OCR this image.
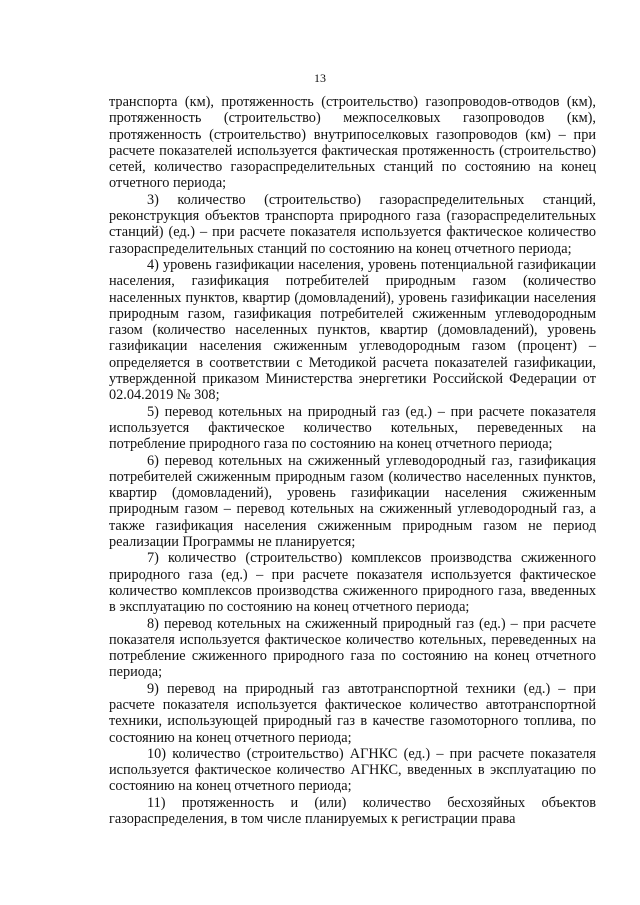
13

транспорта (км), протяженность (строительство) газопроводов-отводов (км), протяженность (строительство) межпоселковых газопроводов (км), протяженность (строительство) внутрипоселковых газопроводов (км) – при расчете показателей используется фактическая протяженность (строительство) сетей, количество газораспределительных станций по состоянию на конец отчетного периода;

3) количество (строительство) газораспределительных станций, реконструкция объектов транспорта природного газа (газораспределительных станций) (ед.) – при расчете показателя используется фактическое количество газораспределительных станций по состоянию на конец отчетного периода;

4) уровень газификации населения, уровень потенциальной газификации населения, газификация потребителей природным газом (количество населенных пунктов, квартир (домовладений), уровень газификации населения природным газом, газификация потребителей сжиженным углеводородным газом (количество населенных пунктов, квартир (домовладений), уровень газификации населения сжиженным углеводородным газом (процент) – определяется в соответствии с Методикой расчета показателей газификации, утвержденной приказом Министерства энергетики Российской Федерации от 02.04.2019 № 308;

5) перевод котельных на природный газ (ед.) – при расчете показателя используется фактическое количество котельных, переведенных на потребление природного газа по состоянию на конец отчетного периода;

6) перевод котельных на сжиженный углеводородный газ, газификация потребителей сжиженным природным газом (количество населенных пунктов, квартир (домовладений), уровень газификации населения сжиженным природным газом – перевод котельных на сжиженный углеводородный газ, а также газификация населения сжиженным природным газом не период реализации Программы не планируется;

7) количество (строительство) комплексов производства сжиженного природного газа (ед.) – при расчете показателя используется фактическое количество комплексов производства сжиженного природного газа, введенных в эксплуатацию по состоянию на конец отчетного периода;

8) перевод котельных на сжиженный природный газ (ед.) – при расчете показателя используется фактическое количество котельных, переведенных на потребление сжиженного природного газа по состоянию на конец отчетного периода;

9) перевод на природный газ автотранспортной техники (ед.) – при расчете показателя используется фактическое количество автотранспортной техники, использующей природный газ в качестве газомоторного топлива, по состоянию на конец отчетного периода;

10) количество (строительство) АГНКС (ед.) – при расчете показателя используется фактическое количество АГНКС, введенных в эксплуатацию по состоянию на конец отчетного периода;

11) протяженность и (или) количество бесхозяйных объектов газораспределения, в том числе планируемых к регистрации права
